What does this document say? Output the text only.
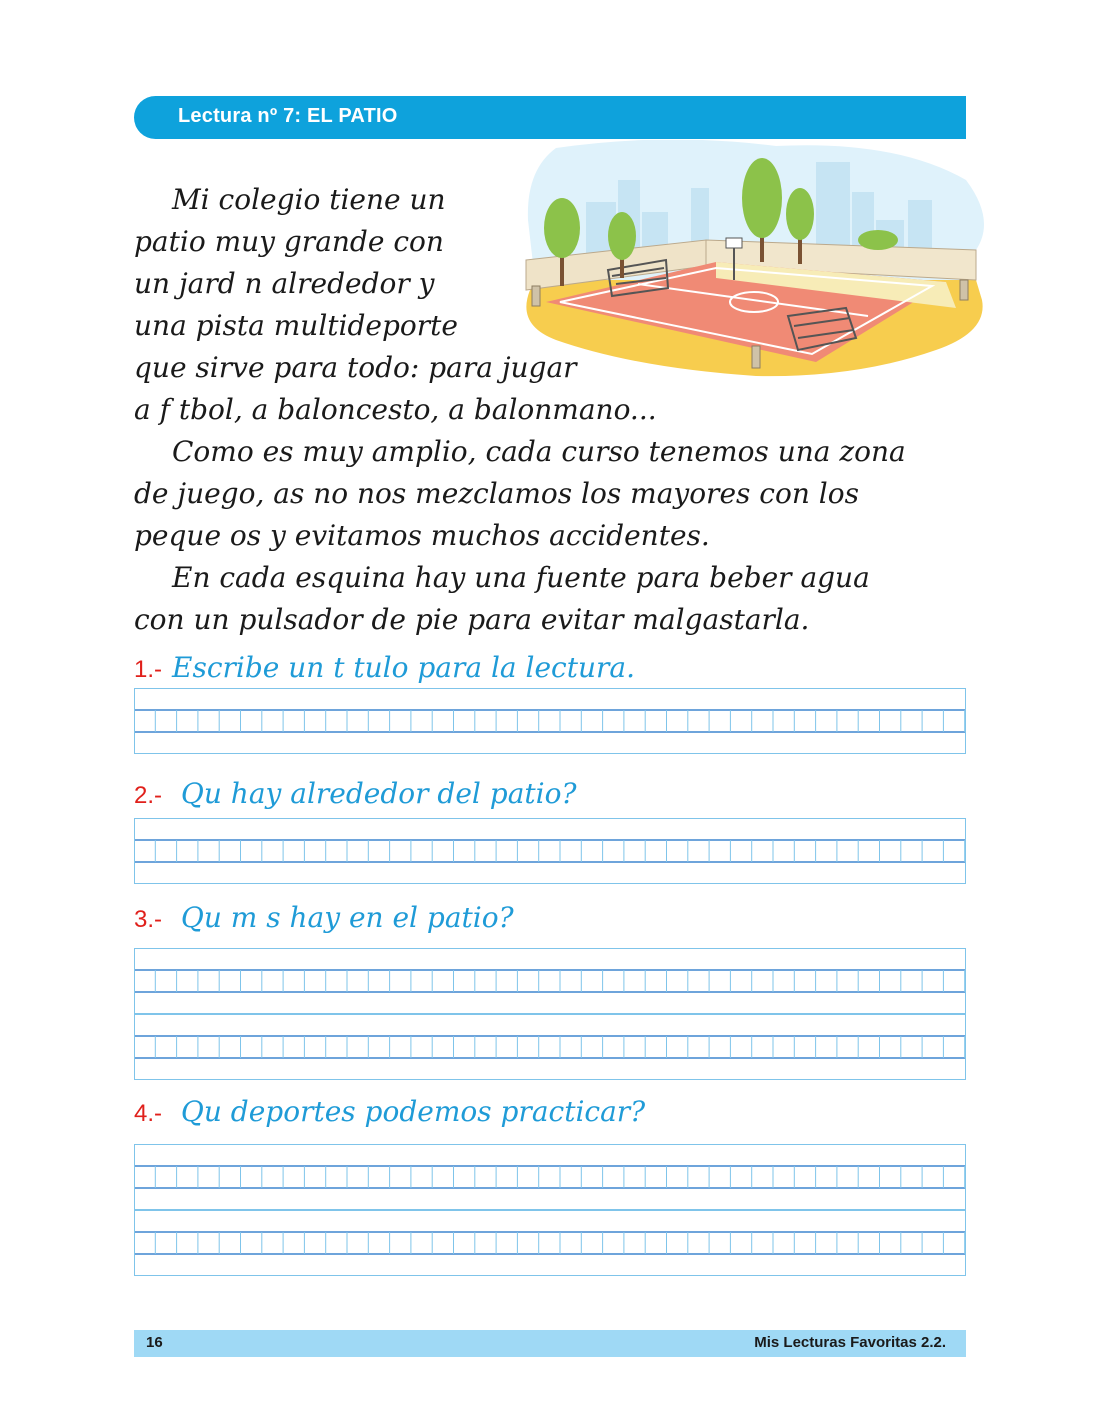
Lectura nº 7: EL PATIO
Mi colegio tiene un
patio muy grande con
un jard n alrededor y
una pista multideporte
que sirve para todo: para jugar
a f tbol, a baloncesto, a balonmano...
Como es muy amplio, cada curso tenemos una zona
de juego, as no nos mezclamos los mayores con los
peque os y evitamos muchos accidentes.
En cada esquina hay una fuente para beber agua
con un pulsador de pie para evitar malgastarla.
1.- Escribe un t tulo para la lectura.
2.- Qu hay alrededor del patio?
3.- Qu m s hay en el patio?
4.- Qu deportes podemos practicar?
16	Mis Lecturas Favoritas 2.2.
